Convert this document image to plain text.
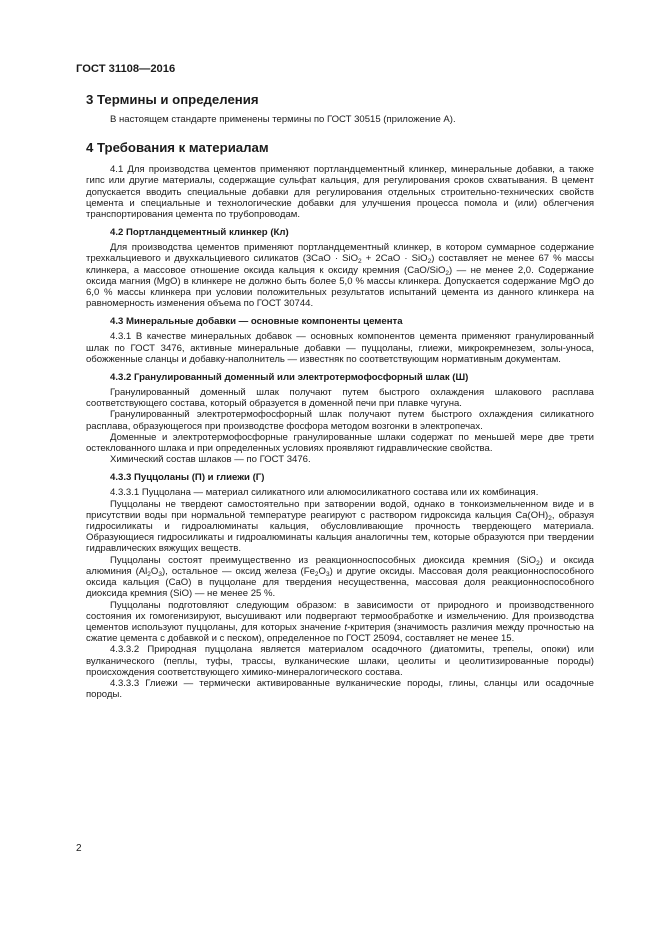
ГОСТ 31108—2016
3 Термины и определения

В настоящем стандарте применены термины по ГОСТ 30515 (приложение А).

4 Требования к материалам

4.1 Для производства цементов применяют портландцементный клинкер, минеральные добавки, а также гипс или другие материалы, содержащие сульфат кальция, для регулирования сроков схватывания. В цемент допускается вводить специальные добавки для регулирования отдельных строительно-технических свойств цемента и специальные и технологические добавки для улучшения процесса помола и (или) облегчения транспортирования цемента по трубопроводам.

4.2 Портландцементный клинкер (Кл)

Для производства цементов применяют портландцементный клинкер, в котором суммарное содержание трехкальциевого и двухкальциевого силикатов (3CaO · SiO$_2$ + 2CaO · SiO$_2$) составляет не менее 67 % массы клинкера, а массовое отношение оксида кальция к оксиду кремния (CaO/SiO$_2$) — не менее 2,0. Содержание оксида магния (MgO) в клинкере не должно быть более 5,0 % массы клинкера. Допускается содержание MgO до 6,0 % массы клинкера при условии положительных результатов испытаний цемента из данного клинкера на равномерность изменения объема по ГОСТ 30744.

4.3 Минеральные добавки — основные компоненты цемента

4.3.1 В качестве минеральных добавок — основных компонентов цемента применяют гранулированный шлак по ГОСТ 3476, активные минеральные добавки — пуццоланы, глиежи, микрокремнезем, золы-уноса, обожженные сланцы и добавку-наполнитель — известняк по соответствующим нормативным документам.

4.3.2 Гранулированный доменный или электротермофосфорный шлак (Ш)

Гранулированный доменный шлак получают путем быстрого охлаждения шлакового расплава соответствующего состава, который образуется в доменной печи при плавке чугуна.

Гранулированный электротермофосфорный шлак получают путем быстрого охлаждения силикатного расплава, образующегося при производстве фосфора методом возгонки в электропечах.

Доменные и электротермофосфорные гранулированные шлаки содержат по меньшей мере две трети остеклованного шлака и при определенных условиях проявляют гидравлические свойства.

Химический состав шлаков — по ГОСТ 3476.

4.3.3 Пуццоланы (П) и глиежи (Г)

4.3.3.1 Пуццолана — материал силикатного или алюмосиликатного состава или их комбинация.

Пуццоланы не твердеют самостоятельно при затворении водой, однако в тонкоизмельченном виде и в присутствии воды при нормальной температуре реагируют с раствором гидроксида кальция $Ca(OH)_2$, образуя гидросиликаты и гидроалюминаты кальция, обусловливающие прочность твердеющего материала. Образующиеся гидросиликаты и гидроалюминаты кальция аналогичны тем, которые образуются при твердении гидравлических вяжущих веществ.

Пуццоланы состоят преимущественно из реакционноспособных диоксида кремния (SiO$_2$) и оксида алюминия $(Al_2O_3)$, остальное — оксид железа $(Fe_2O_3)$ и другие оксиды. Массовая доля реакционноспособного оксида кальция (CaO) в пуццолане для твердения несущественна, массовая доля реакционноспособного диоксида кремния (SiO) — не менее 25 %.

Пуццоланы подготовляют следующим образом: в зависимости от природного и производственного состояния их гомогенизируют, высушивают или подвергают термообработке и измельчению. Для производства цементов используют пуццоланы, для которых значение t-критерия (значимость различия между прочностью на сжатие цемента с добавкой и с песком), определенное по ГОСТ 25094, составляет не менее 15.

4.3.3.2 Природная пуццолана является материалом осадочного (диатомиты, трепелы, опоки) или вулканического (пеплы, туфы, трассы, вулканические шлаки, цеолиты и цеолитизированные породы) происхождения соответствующего химико-минералогического состава.

4.3.3.3 Глиежи — термически активированные вулканические породы, глины, сланцы или осадочные породы.

2
